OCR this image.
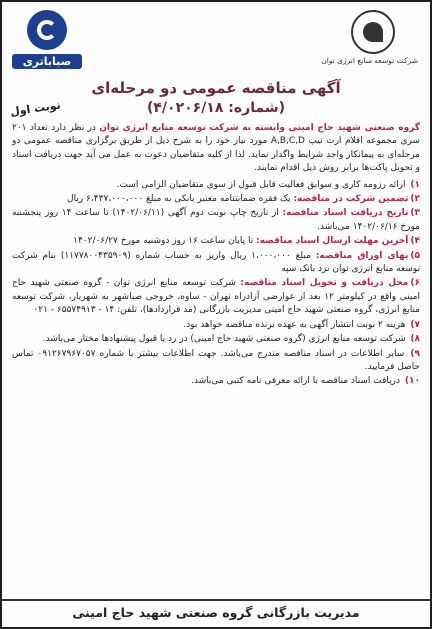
صباباتری	شرکت توسعه منابع انرژی توان
نوبت اول
آگهی مناقصه عمومی دو مرحله‌ای
(شماره: ۴/۰۲۰۶/۱۸)
گروه صنعتی شهید حاج امینی وابسته به شرکت توسعه منابع انرژی توان در نظر دارد تعداد ۲۰۱ سری مجموعه اقلام ارت تیپ A,B,C,D مورد نیاز خود را به شرح ذیل از طریق برگزاری مناقصه عمومی دو مرحله‌ای به پیمانکار واجد شرایط واگذار نماید. لذا از کلیه متقاضیان دعوت به عمل می آید جهت دریافت اسناد و تحویل پاکت‌ها برابر روش ذیل اقدام نمایند.
۱) ارائه رزومه کاری و سوابق فعالیت قابل قبول از سوی متقاضیان الزامی است.
۲)تضمین شرکت در مناقصه: یک فقره ضمانتنامه معتبر بانکی به مبلغ ۶،۴۳۷،۰۰۰،۰۰۰ ریال
۳)تاریخ دریافت اسناد مناقصه: از تاریخ چاپ نوبت دوم آگهی (۱۴۰۲/۰۶/۱۱) تا ساعت ۱۴ روز پنجشنبه مورخ ۱۴۰۲/۰۶/۱۶ می‌باشد.
۴)آخرین مهلت ارسال اسناد مناقصه: تا پایان ساعت ۱۶ روز دوشنبه مورخ ۱۴۰۲/۰۶/۲۷
۵)بهای اوراق مناقصه: مبلغ ۱،۰۰۰،۰۰۰ ریال واریز به حساب شماره (۱۱۷۷۸۰۰۴۳۵۹۰۹) بنام شرکت توسعه منابع انرژی توان نزد بانک سپه
۶)محل دریافت و تحویل اسناد مناقصه: شرکت توسعه منابع انرژی توان - گروه صنعتی شهید حاج امینی واقع در کیلومتر ۱۲ بعد از عوارضی آزادراه تهران - ساوه، خروجی صباشهر به شهریار، شرکت توسعه منابع انرژی، گروه صنعتی شهید حاج امینی مدیریت بازرگانی (مد قراردادها)، تلفن: ۱۴ - ۶۵۵۷۴۹۱۳ - ۰۲۱
۷) هزینه ۲ نوبت انتشار آگهی به عهده برنده مناقصه خواهد بود.
۸) شرکت توسعه منابع انرژی (گروه صنعتی شهید حاج امینی) در رد یا قبول پیشنهادها مختار می‌باشد.
۹) سایر اطلاعات در اسناد مناقصه مندرج می‌باشد. جهت اطلاعات بیشتر با شماره ۰۹۱۲۶۷۹۶۷۰۵۷ تماس حاصل فرمایید.
۱۰) دریافت اسناد مناقصه با ارائه معرفی نامه کتبی می‌باشد.
مدیریت بازرگانی گروه صنعتی شهید حاج امینی
